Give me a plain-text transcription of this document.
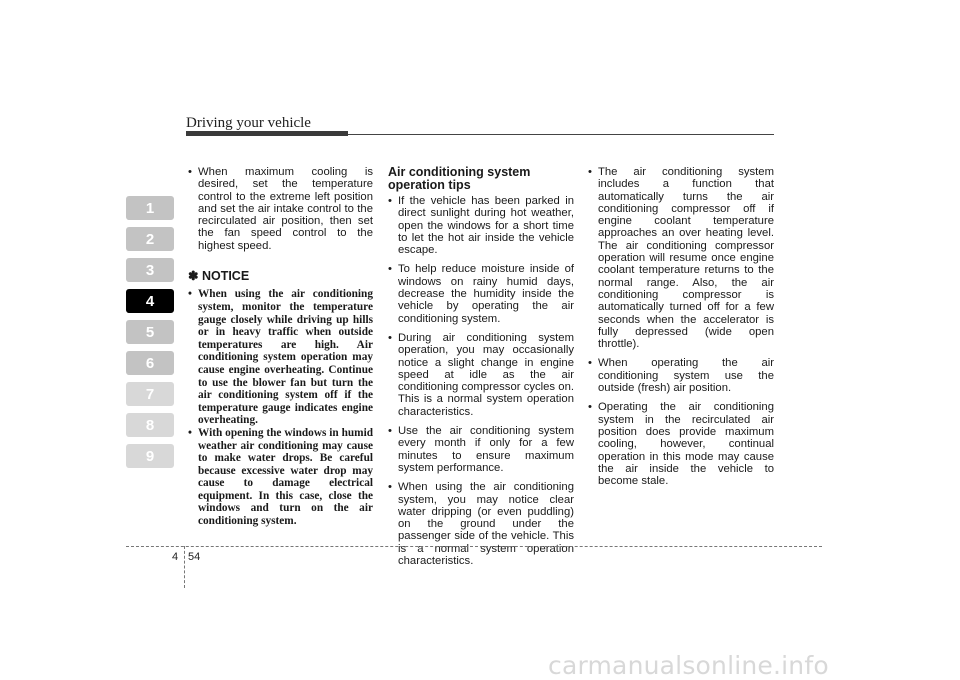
Driving your vehicle
1
2
3
4
5
6
7
8
9
• When maximum cooling is desired, set the temperature control to the extreme left position and set the air intake control to the recirculated air position, then set the fan speed control to the highest speed.
✽ NOTICE
• When using the air conditioning system, monitor the temperature gauge closely while driving up hills or in heavy traffic when outside temperatures are high. Air conditioning system operation may cause engine overheating. Continue to use the blower fan but turn the air conditioning system off if the temperature gauge indicates engine overheating.
• With opening the windows in humid weather air conditioning may cause to make water drops. Be careful because excessive water drop may cause to damage electrical equipment. In this case, close the windows and turn on the air conditioning system.
Air conditioning system operation tips
• If the vehicle has been parked in direct sunlight during hot weather, open the windows for a short time to let the hot air inside the vehicle escape.
• To help reduce moisture inside of windows on rainy humid days, decrease the humidity inside the vehicle by operating the air conditioning system.
• During air conditioning system operation, you may occasionally notice a slight change in engine speed at idle as the air conditioning compressor cycles on. This is a normal system operation characteristics.
• Use the air conditioning system every month if only for a few minutes to ensure maximum system performance.
• When using the air conditioning system, you may notice clear water dripping (or even puddling) on the ground under the passenger side of the vehicle. This is a normal system operation characteristics.
• The air conditioning system includes a function that automatically turns the air conditioning compressor off if engine coolant temperature approaches an over heating level. The air conditioning compressor operation will resume once engine coolant temperature returns to the normal range. Also, the air conditioning compressor is automatically turned off for a few seconds when the accelerator is fully depressed (wide open throttle).
• When operating the air conditioning system use the outside (fresh) air position.
• Operating the air conditioning system in the recirculated air position does provide maximum cooling, however, continual operation in this mode may cause the air inside the vehicle to become stale.
4 54
carmanualsonline.info
